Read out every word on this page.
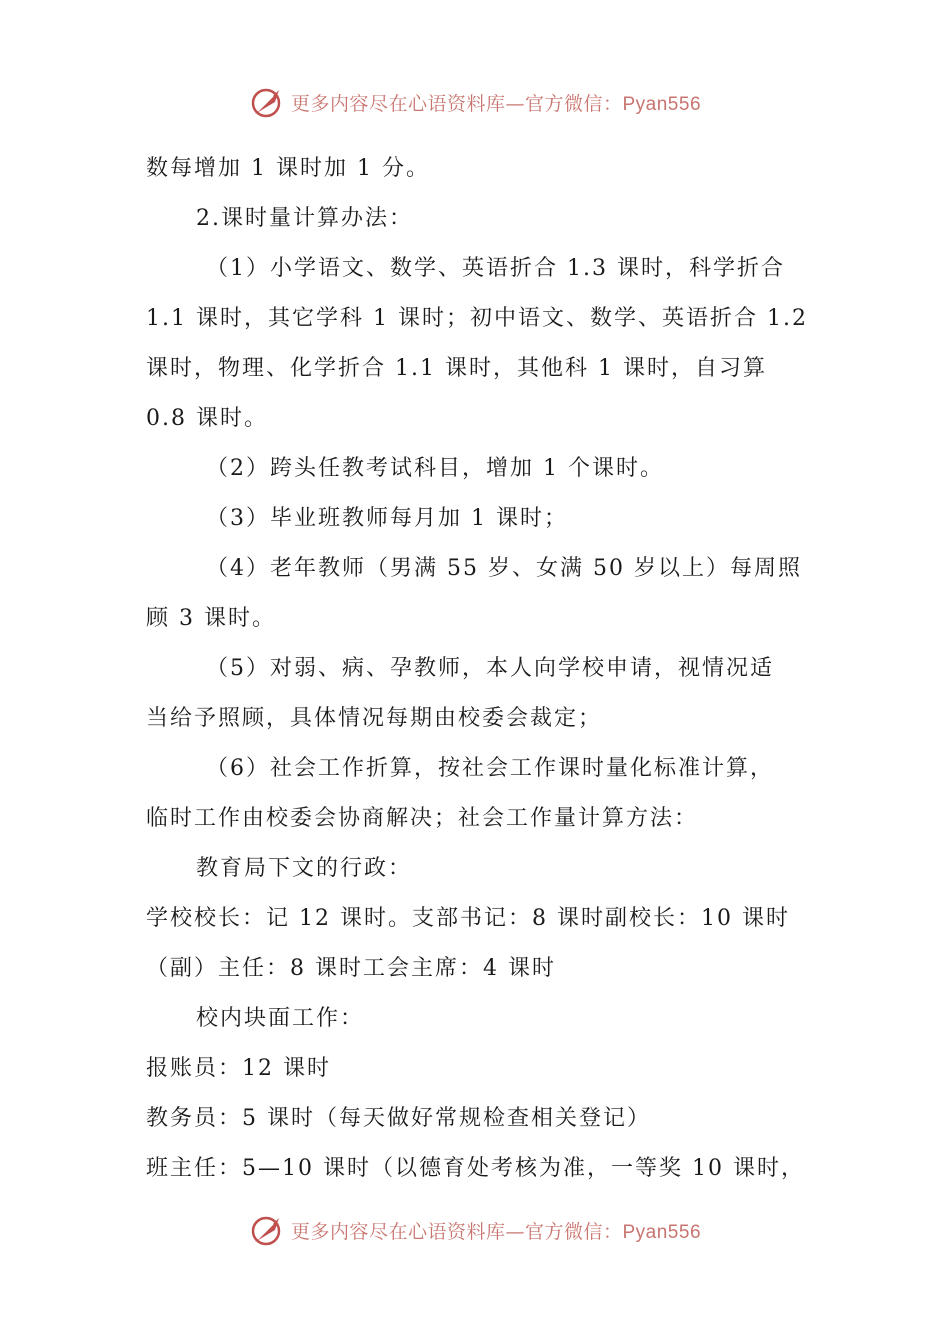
更多内容尽在心语资料库—官方微信：Pyan556
数每增加 1 课时加 1 分。
2.课时量计算办法：
（1）小学语文、数学、英语折合 1.3 课时，科学折合
1.1 课时，其它学科 1 课时；初中语文、数学、英语折合 1.2
课时，物理、化学折合 1.1 课时，其他科 1 课时，自习算
0.8 课时。
（2）跨头任教考试科目，增加 1 个课时。
（3）毕业班教师每月加 1 课时；
（4）老年教师（男满 55 岁、女满 50 岁以上）每周照
顾 3 课时。
（5）对弱、病、孕教师，本人向学校申请，视情况适
当给予照顾，具体情况每期由校委会裁定；
（6）社会工作折算，按社会工作课时量化标准计算，
临时工作由校委会协商解决；社会工作量计算方法：
教育局下文的行政：
学校校长：记 12 课时。支部书记：8 课时副校长：10 课时
（副）主任：8 课时工会主席：4 课时
校内块面工作：
报账员：12 课时
教务员：5 课时（每天做好常规检查相关登记）
班主任：5—10 课时（以德育处考核为准，一等奖 10 课时，
更多内容尽在心语资料库—官方微信：Pyan556
